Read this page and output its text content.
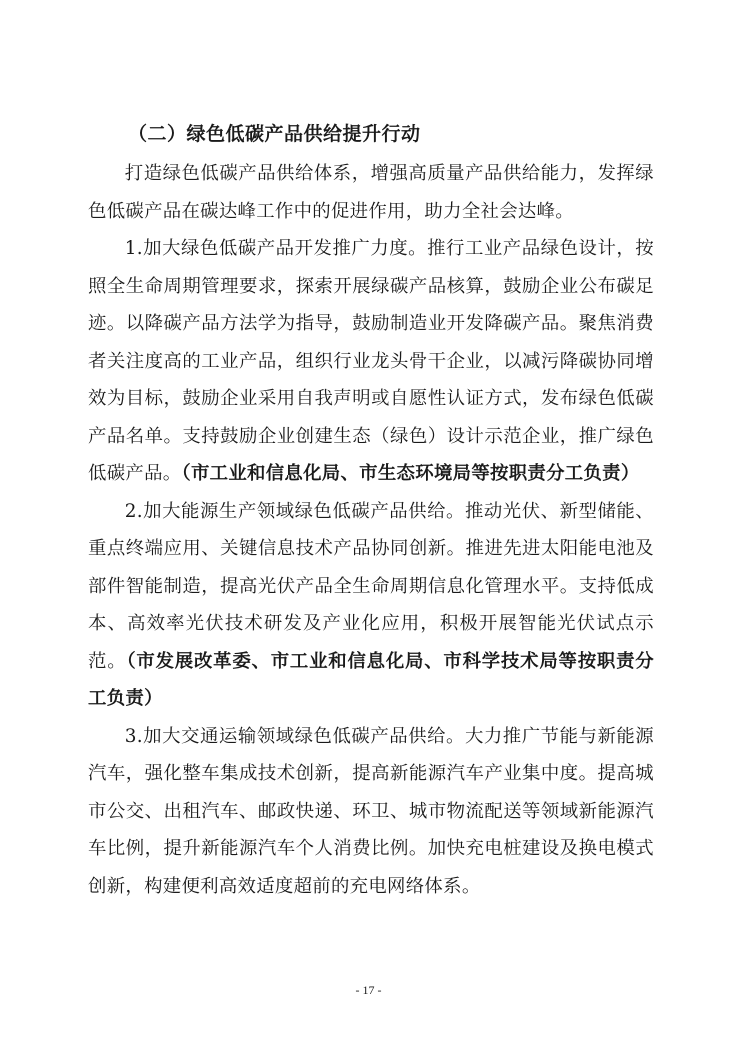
（二）绿色低碳产品供给提升行动

打造绿色低碳产品供给体系，增强高质量产品供给能力，发挥绿色低碳产品在碳达峰工作中的促进作用，助力全社会达峰。

1.加大绿色低碳产品开发推广力度。推行工业产品绿色设计，按照全生命周期管理要求，探索开展绿碳产品核算，鼓励企业公布碳足迹。以降碳产品方法学为指导，鼓励制造业开发降碳产品。聚焦消费者关注度高的工业产品，组织行业龙头骨干企业，以减污降碳协同增效为目标，鼓励企业采用自我声明或自愿性认证方式，发布绿色低碳产品名单。支持鼓励企业创建生态（绿色）设计示范企业，推广绿色低碳产品。（市工业和信息化局、市生态环境局等按职责分工负责）

2.加大能源生产领域绿色低碳产品供给。推动光伏、新型储能、重点终端应用、关键信息技术产品协同创新。推进先进太阳能电池及部件智能制造，提高光伏产品全生命周期信息化管理水平。支持低成本、高效率光伏技术研发及产业化应用，积极开展智能光伏试点示范。（市发展改革委、市工业和信息化局、市科学技术局等按职责分工负责）

3.加大交通运输领域绿色低碳产品供给。大力推广节能与新能源汽车，强化整车集成技术创新，提高新能源汽车产业集中度。提高城市公交、出租汽车、邮政快递、环卫、城市物流配送等领域新能源汽车比例，提升新能源汽车个人消费比例。加快充电桩建设及换电模式创新，构建便利高效适度超前的充电网络体系。

- 17 -
